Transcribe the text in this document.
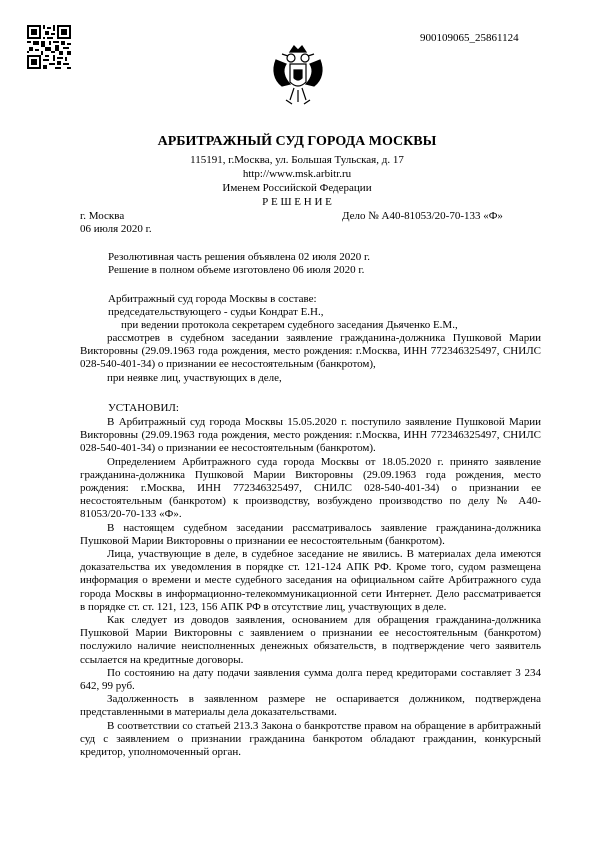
900109065_25861124
АРБИТРАЖНЫЙ СУД ГОРОДА МОСКВЫ
115191, г.Москва, ул. Большая Тульская, д. 17
http://www.msk.arbitr.ru
Именем Российской Федерации
Р Е Ш Е Н И Е
г. Москва	Дело № А40-81053/20-70-133 «Ф»
06 июля 2020 г.
Резолютивная часть решения объявлена 02 июля 2020 г.
Решение в полном объеме изготовлено 06 июля 2020 г.
Арбитражный суд города Москвы в составе:
председательствующего - судьи Кондрат Е.Н.,
при ведении протокола секретарем судебного заседания Дьяченко Е.М.,

рассмотрев в судебном заседании заявление гражданина-должника Пушковой Марии Викторовны (29.09.1963 года рождения, место рождения: г.Москва, ИНН 772346325497, СНИЛС 028-540-401-34) о признании ее несостоятельным (банкротом),

при неявке лиц, участвующих в деле,

УСТАНОВИЛ:

В Арбитражный суд города Москвы 15.05.2020 г. поступило заявление Пушковой Марии Викторовны (29.09.1963 года рождения, место рождения: г.Москва, ИНН 772346325497, СНИЛС 028-540-401-34) о признании ее несостоятельным (банкротом).

Определением Арбитражного суда города Москвы от 18.05.2020 г. принято заявление гражданина-должника Пушковой Марии Викторовны (29.09.1963 года рождения, место рождения: г.Москва, ИНН 772346325497, СНИЛС 028-540-401-34) о признании ее несостоятельным (банкротом) к производству, возбуждено производство по делу № А40-81053/20-70-133 «Ф».

В настоящем судебном заседании рассматривалось заявление гражданина-должника Пушковой Марии Викторовны о признании ее несостоятельным (банкротом).

Лица, участвующие в деле, в судебное заседание не явились. В материалах дела имеются доказательства их уведомления в порядке ст. 121-124 АПК РФ. Кроме того, судом размещена информация о времени и месте судебного заседания на официальном сайте Арбитражного суда города Москвы в информационно-телекоммуникационной сети Интернет. Дело рассматривается в порядке ст. ст. 121, 123, 156 АПК РФ в отсутствие лиц, участвующих в деле.

Как следует из доводов заявления, основанием для обращения гражданина-должника Пушковой Марии Викторовны с заявлением о признании ее несостоятельным (банкротом) послужило наличие неисполненных денежных обязательств, в подтверждение чего заявитель ссылается на кредитные договоры.

По состоянию на дату подачи заявления сумма долга перед кредиторами составляет 3 234 642, 99 руб.

Задолженность в заявленном размере не оспаривается должником, подтверждена представленными в материалы дела доказательствами.

В соответствии со статьей 213.3 Закона о банкротстве правом на обращение в арбитражный суд с заявлением о признании гражданина банкротом обладают гражданин, конкурсный кредитор, уполномоченный орган.
